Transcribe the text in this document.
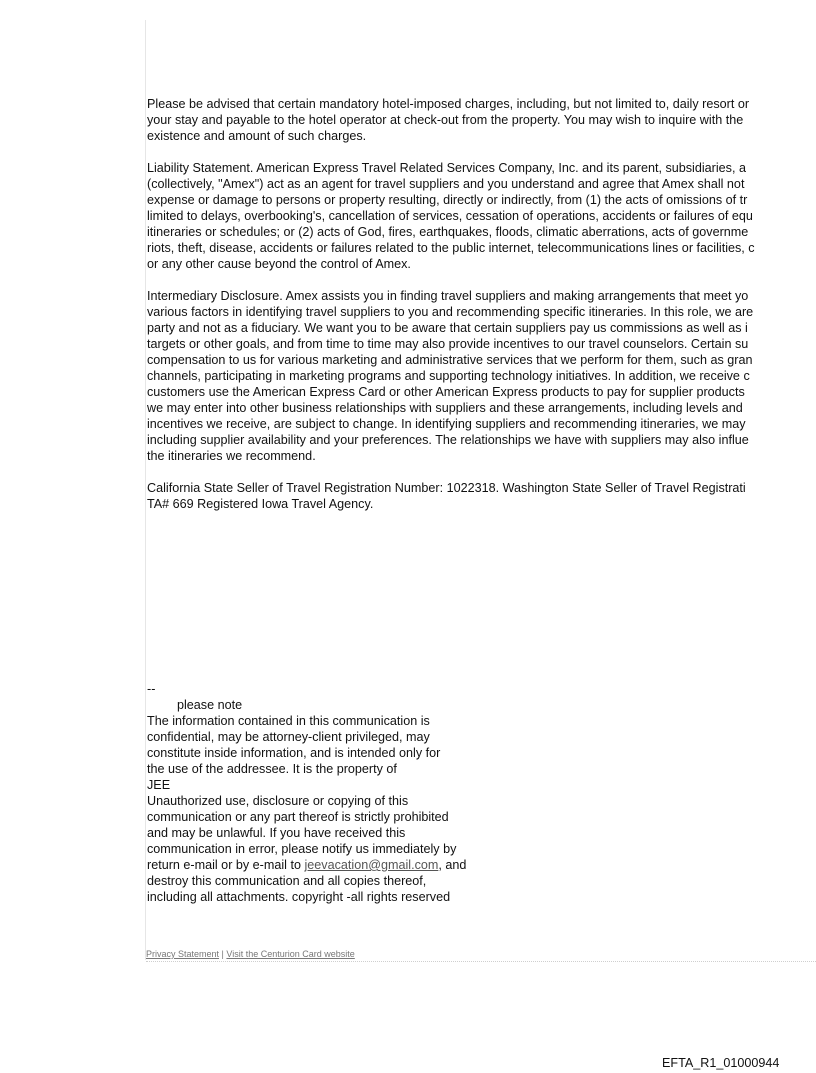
Please be advised that certain mandatory hotel-imposed charges, including, but not limited to, daily resort or
your stay and payable to the hotel operator at check-out from the property. You may wish to inquire with the
existence and amount of such charges.

Liability Statement. American Express Travel Related Services Company, Inc. and its parent, subsidiaries, a
(collectively, "Amex") act as an agent for travel suppliers and you understand and agree that Amex shall not
expense or damage to persons or property resulting, directly or indirectly, from (1) the acts of omissions of tr
limited to delays, overbooking's, cancellation of services, cessation of operations, accidents or failures of equ
itineraries or schedules; or (2) acts of God, fires, earthquakes, floods, climatic aberrations, acts of governme
riots, theft, disease, accidents or failures related to the public internet, telecommunications lines or facilities, c
or any other cause beyond the control of Amex.

Intermediary Disclosure. Amex assists you in finding travel suppliers and making arrangements that meet yo
various factors in identifying travel suppliers to you and recommending specific itineraries. In this role, we are
party and not as a fiduciary. We want you to be aware that certain suppliers pay us commissions as well as i
targets or other goals, and from time to time may also provide incentives to our travel counselors. Certain su
compensation to us for various marketing and administrative services that we perform for them, such as gran
channels, participating in marketing programs and supporting technology initiatives. In addition, we receive c
customers use the American Express Card or other American Express products to pay for supplier products
we may enter into other business relationships with suppliers and these arrangements, including levels and
incentives we receive, are subject to change. In identifying suppliers and recommending itineraries, we may
including supplier availability and your preferences. The relationships we have with suppliers may also influe
the itineraries we recommend.

California State Seller of Travel Registration Number: 1022318. Washington State Seller of Travel Registrati
TA# 669 Registered Iowa Travel Agency.

--
please note
The information contained in this communication is
confidential, may be attorney-client privileged, may
constitute inside information, and is intended only for
the use of the addressee. It is the property of
JEE
Unauthorized use, disclosure or copying of this
communication or any part thereof is strictly prohibited
and may be unlawful. If you have received this
communication in error, please notify us immediately by
return e-mail or by e-mail to jeevacation@gmail.com, and
destroy this communication and all copies thereof,
including all attachments. copyright -all rights reserved
Privacy Statement | Visit the Centurion Card website
EFTA_R1_01000944
